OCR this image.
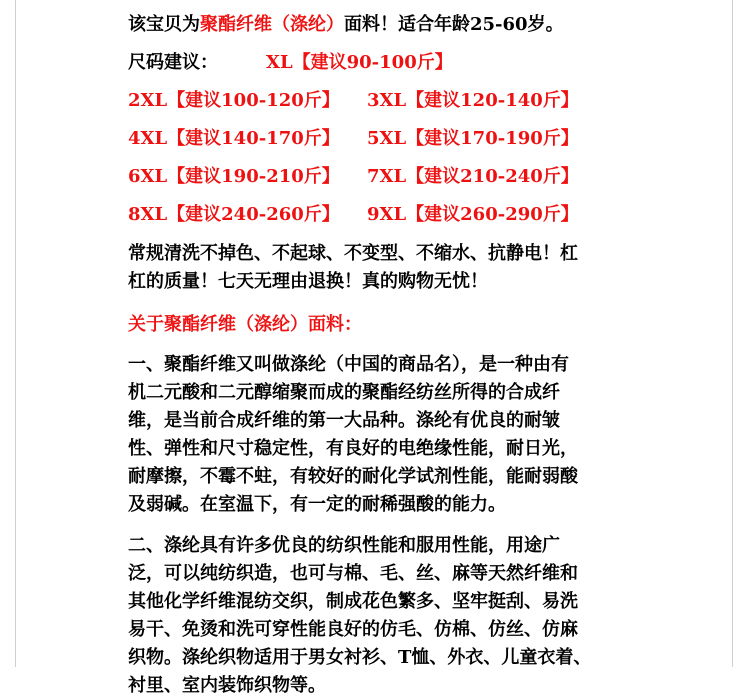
该宝贝为聚酯纤维（涤纶）面料！适合年龄25-60岁。
尺码建议：	XL【建议90-100斤】
2XL【建议100-120斤】 3XL【建议120-140斤】
4XL【建议140-170斤】 5XL【建议170-190斤】
6XL【建议190-210斤】 7XL【建议210-240斤】
8XL【建议240-260斤】 9XL【建议260-290斤】
常规清洗不掉色、不起球、不变型、不缩水、抗静电！杠
杠的质量！七天无理由退换！真的购物无忧！
关于聚酯纤维（涤纶）面料：
一、聚酯纤维又叫做涤纶（中国的商品名），是一种由有
机二元酸和二元醇缩聚而成的聚酯经纺丝所得的合成纤
维，是当前合成纤维的第一大品种。涤纶有优良的耐皱
性、弹性和尺寸稳定性，有良好的电绝缘性能，耐日光，
耐摩擦，不霉不蛀，有较好的耐化学试剂性能，能耐弱酸
及弱碱。在室温下，有一定的耐稀强酸的能力。
二、涤纶具有许多优良的纺织性能和服用性能，用途广
泛，可以纯纺织造，也可与棉、毛、丝、麻等天然纤维和
其他化学纤维混纺交织，制成花色繁多、坚牢挺刮、易洗
易干、免烫和洗可穿性能良好的仿毛、仿棉、仿丝、仿麻
织物。涤纶织物适用于男女衬衫、T恤、外衣、儿童衣着、
衬里、室内装饰织物等。
